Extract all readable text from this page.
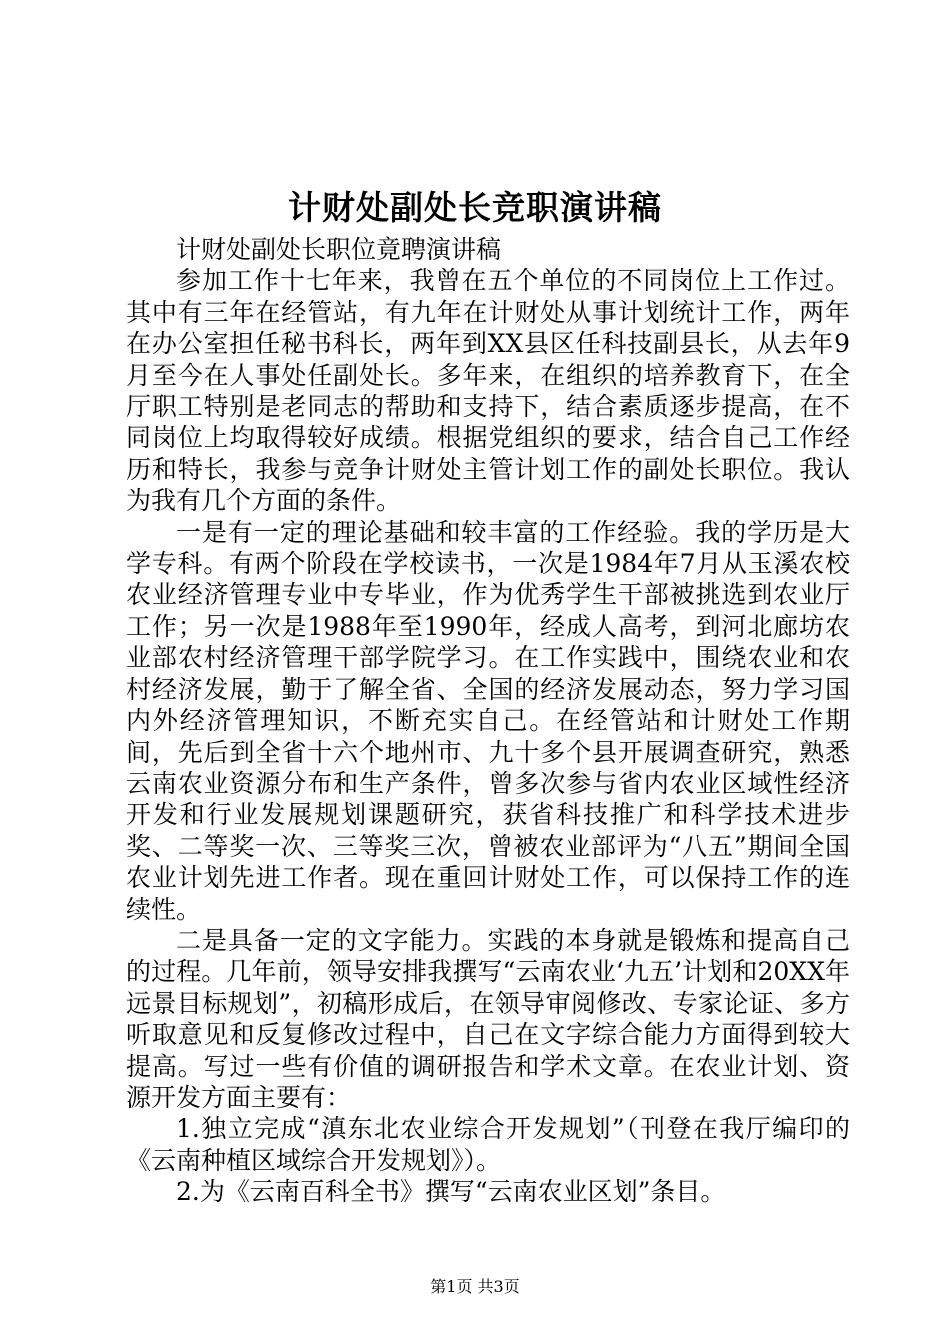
计财处副处长竞职演讲稿

计财处副处长职位竟聘演讲稿

参加工作十七年来，我曾在五个单位的不同岗位上工作过。其中有三年在经管站，有九年在计财处从事计划统计工作，两年在办公室担任秘书科长，两年到XX县区任科技副县长，从去年9月至今在人事处任副处长。多年来，在组织的培养教育下，在全厅职工特别是老同志的帮助和支持下，结合素质逐步提高，在不同岗位上均取得较好成绩。根据党组织的要求，结合自己工作经历和特长，我参与竞争计财处主管计划工作的副处长职位。我认为我有几个方面的条件。

一是有一定的理论基础和较丰富的工作经验。我的学历是大学专科。有两个阶段在学校读书，一次是1984年7月从玉溪农校农业经济管理专业中专毕业，作为优秀学生干部被挑选到农业厅工作；另一次是1988年至1990年，经成人高考，到河北廊坊农业部农村经济管理干部学院学习。在工作实践中，围绕农业和农村经济发展，勤于了解全省、全国的经济发展动态，努力学习国内外经济管理知识，不断充实自己。在经管站和计财处工作期间，先后到全省十六个地州市、九十多个县开展调查研究，熟悉云南农业资源分布和生产条件，曾多次参与省内农业区域性经济开发和行业发展规划课题研究，获省科技推广和科学技术进步奖、二等奖一次、三等奖三次，曾被农业部评为“八五”期间全国农业计划先进工作者。现在重回计财处工作，可以保持工作的连续性。

二是具备一定的文字能力。实践的本身就是锻炼和提高自己的过程。几年前，领导安排我撰写“云南农业‘九五’计划和20XX年远景目标规划”，初稿形成后，在领导审阅修改、专家论证、多方听取意见和反复修改过程中，自己在文字综合能力方面得到较大提高。写过一些有价值的调研报告和学术文章。在农业计划、资源开发方面主要有：

1.独立完成“滇东北农业综合开发规划”（刊登在我厅编印的《云南种植区域综合开发规划》）。

2.为《云南百科全书》撰写“云南农业区划”条目。

第1页 共3页
